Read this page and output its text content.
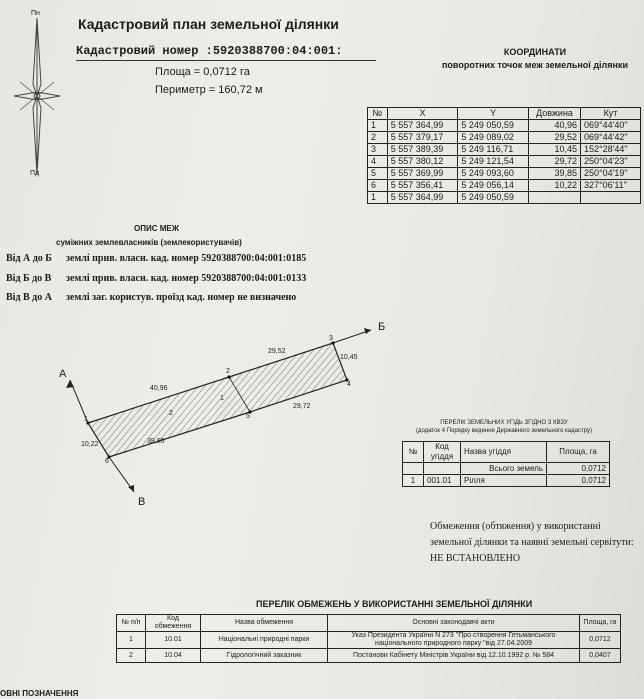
Пн
Пд
Кадастровий план земельної ділянки
Кадастровий номер :5920388700:04:001:
Площа = 0,0712 га
Периметр = 160,72 м
КООРДИНАТИ
поворотних точок меж земельної ділянки
№	X	Y	Довжина	Кут
1	5 557 364,99	5 249 050,59	40,96	069°44'40"
2	5 557 379,17	5 249 089,02	29,52	069°44'42"
3	5 557 389,39	5 249 116,71	10,45	152°28'44"
4	5 557 380,12	5 249 121,54	29,72	250°04'23"
5	5 557 369,99	5 249 093,60	39,85	250°04'19"
6	5 557 356,41	5 249 056,14	10,22	327°06'11"
1	5 557 364,99	5 249 050,59		
ОПИС МЕЖ
суміжних землевласників (землекористувачів)
Від А до Б землі прив. власн. кад. номер 5920388700:04:001:0185
Від Б до В землі прив. власн. кад. номер 5920388700:04:001:0133
Від В до А землі заг. користув. проїзд кад. номер не визначено
А
Б
В
40,96
29,52
10,45
29,72
39,85
10,22
1
2
3
4
5
6
1
2
ПЕРЕЛІК ЗЕМЕЛЬНИХ УГІДЬ ЗГІДНО З КВЗУ
(додаток 4 Порядку ведення Державного земельного кадастру)
№	Код угіддя	Назва угіддя	Площа, га
		Всього земель	0,0712
1	001.01	Рілля	0,0712
Обмеження (обтяження) у використанні земельної ділянки та наявні земельні сервітути: НЕ ВСТАНОВЛЕНО
ПЕРЕЛІК ОБМЕЖЕНЬ У ВИКОРИСТАННІ ЗЕМЕЛЬНОЇ ДІЛЯНКИ
№ п/п	Код обмеження	Назва обмеження	Основні законодавчі акти	Площа, га
1	10.01	Національні природні парки	Указ Президента України N 273 "Про створення Гетьманського національного природного парку "від 27.04.2009	0,0712
2	10.04	Гідрологічний заказник	Постанови Кабінету Міністрів України від 12.10.1992 р. № 584	0,0407
ОВНІ ПОЗНАЧЕННЯ
